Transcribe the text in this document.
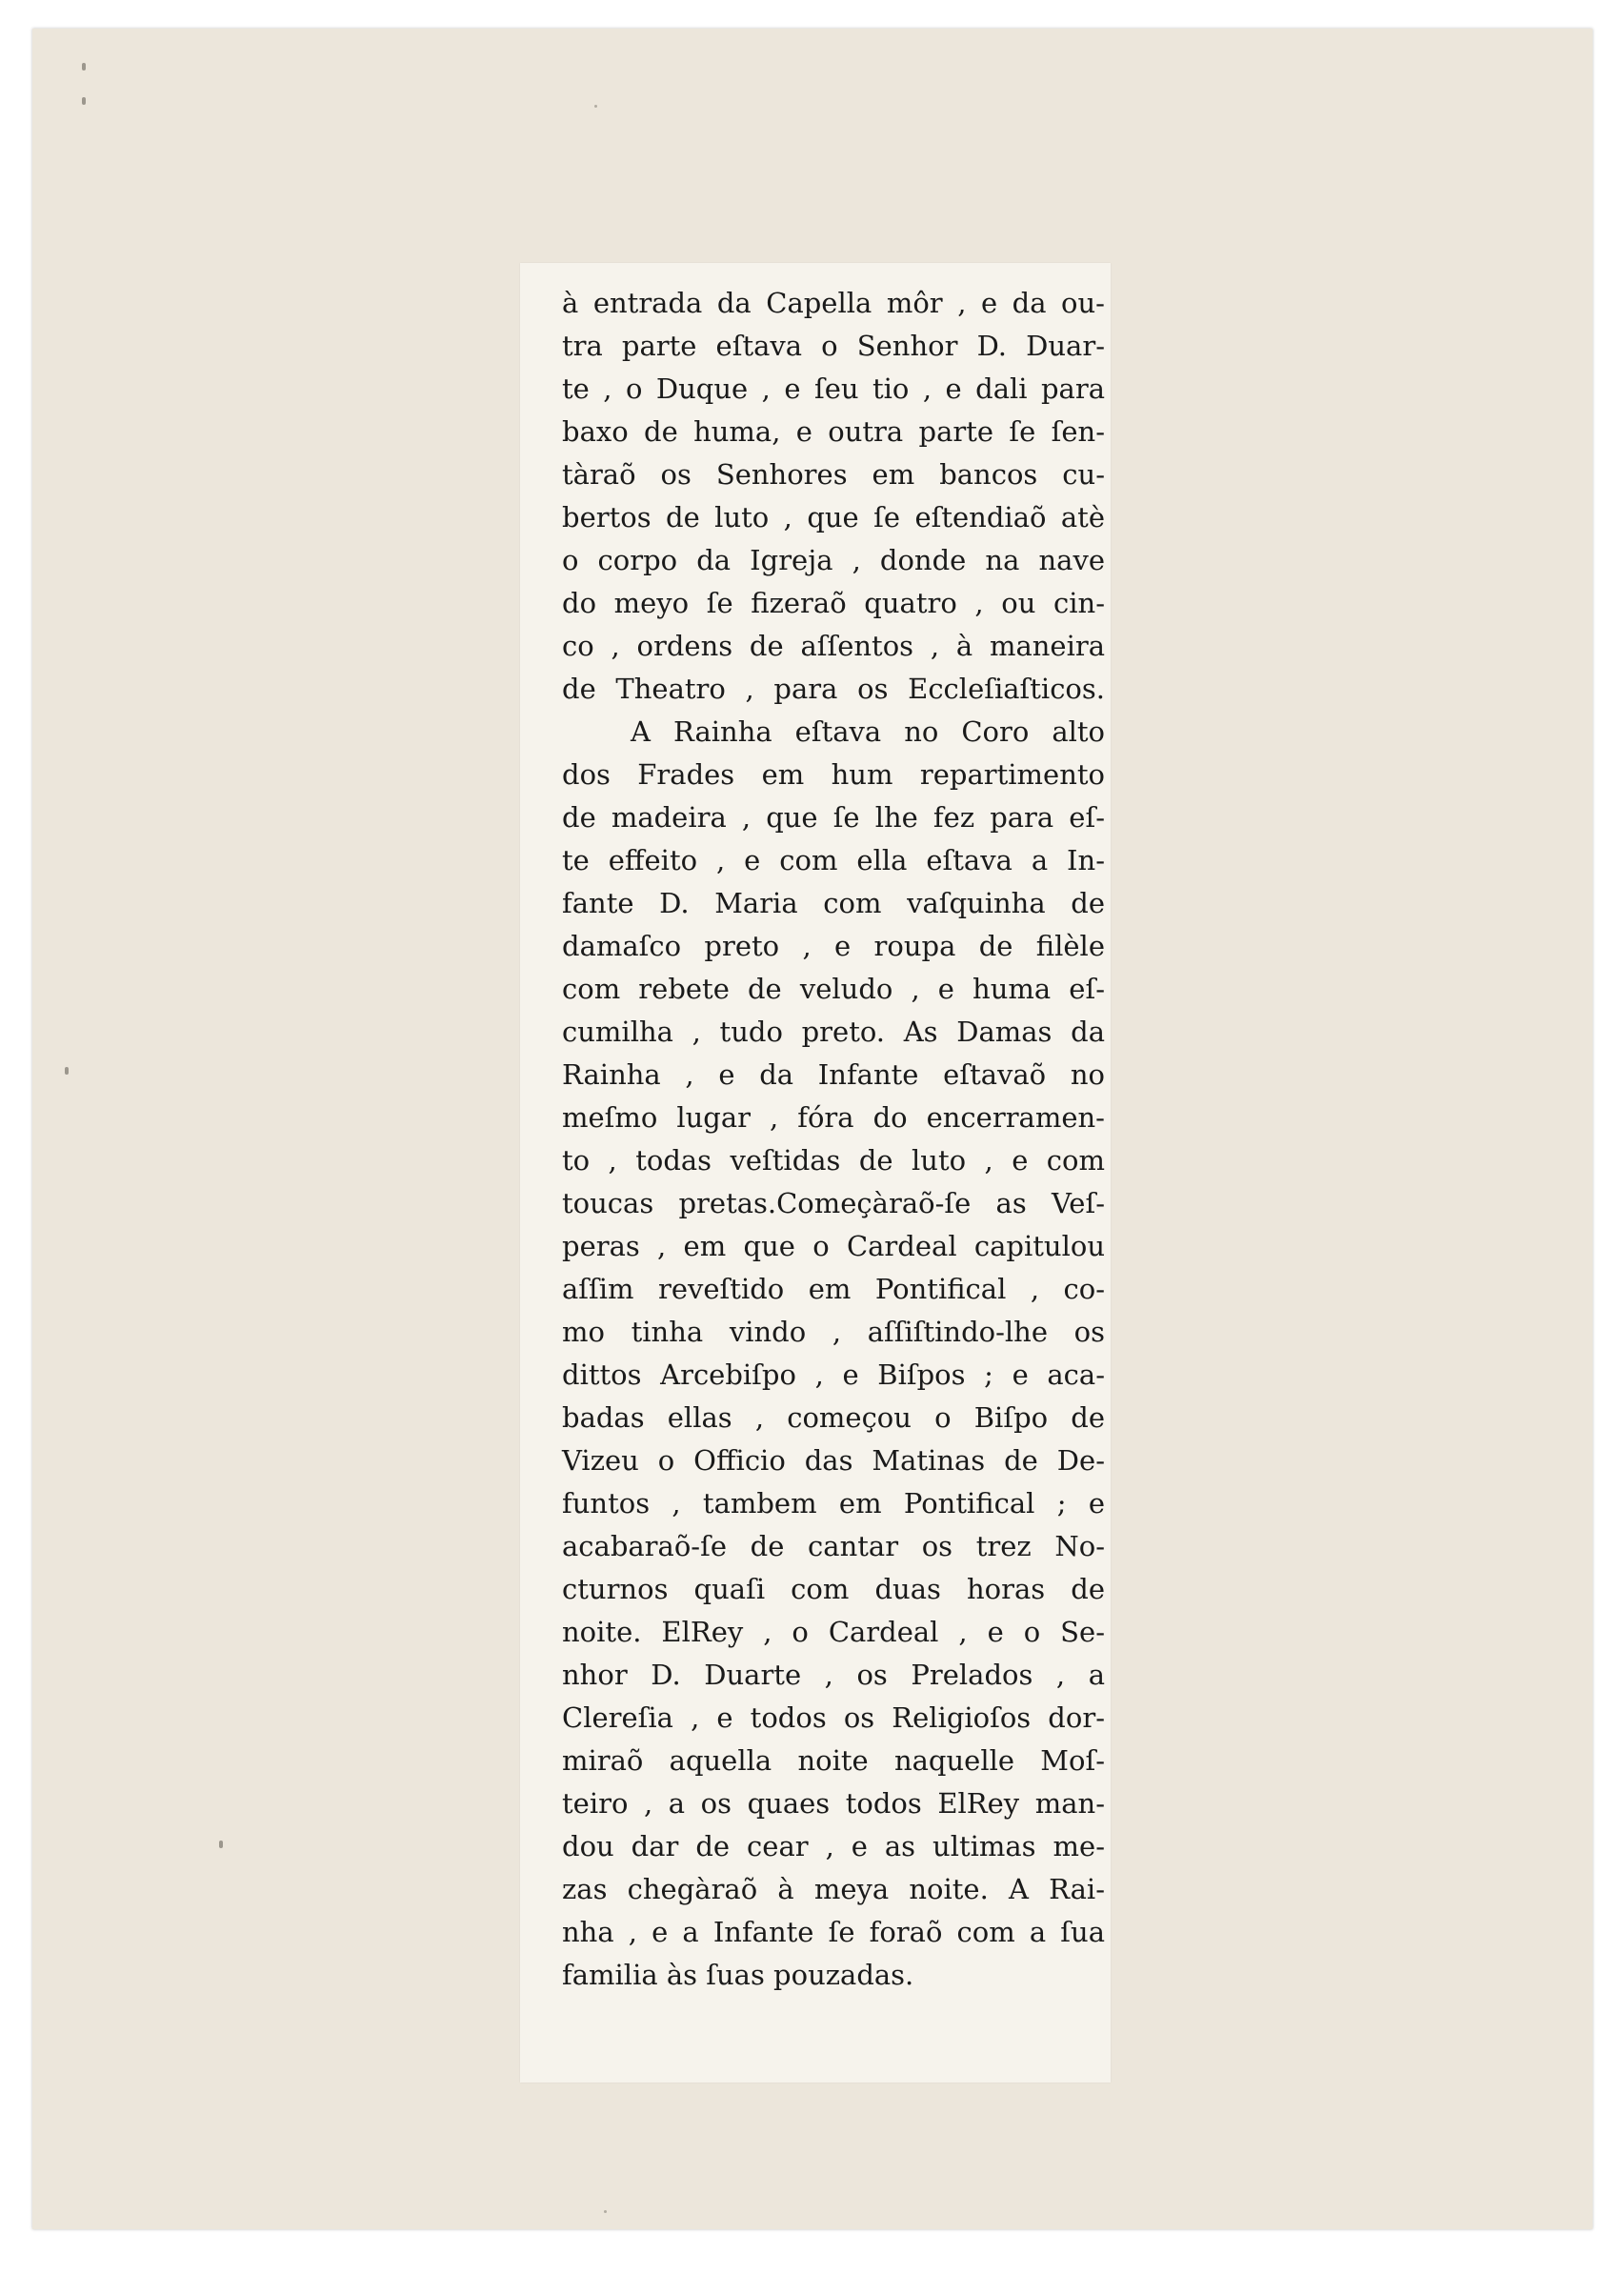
à entrada da Capella môr , e da ou-
tra parte eſtava o Senhor D. Duar-
te , o Duque , e ſeu tio , e dali para
baxo de huma, e outra parte ſe ſen-
tàraõ os Senhores em bancos cu-
bertos de luto , que ſe eſtendiaõ atè
o corpo da Igreja , donde na nave
do meyo ſe fizeraõ quatro , ou cin-
co , ordens de aſſentos , à maneira
de Theatro , para os Eccleſiaſticos.
A Rainha eſtava no Coro alto
dos Frades em hum repartimento
de madeira , que ſe lhe fez para eſ-
te effeito , e com ella eſtava a In-
fante D. Maria com vaſquinha de
damaſco preto , e roupa de filèle
com rebete de veludo , e huma eſ-
cumilha , tudo preto. As Damas da
Rainha , e da Infante eſtavaõ no
meſmo lugar , fóra do encerramen-
to , todas veſtidas de luto , e com
toucas pretas.Começàraõ-ſe as Veſ-
peras , em que o Cardeal capitulou
aſſim reveſtido em Pontifical , co-
mo tinha vindo , aſſiſtindo-lhe os
dittos Arcebiſpo , e Biſpos ; e aca-
badas ellas , começou o Biſpo de
Vizeu o Officio das Matinas de De-
funtos , tambem em Pontifical ; e
acabaraõ-ſe de cantar os trez No-
cturnos quaſi com duas horas de
noite. ElRey , o Cardeal , e o Se-
nhor D. Duarte , os Prelados , a
Clereſia , e todos os Religioſos dor-
miraõ aquella noite naquelle Moſ-
teiro , a os quaes todos ElRey man-
dou dar de cear , e as ultimas me-
zas chegàraõ à meya noite. A Rai-
nha , e a Infante ſe foraõ com a ſua
familia às ſuas pouzadas.
